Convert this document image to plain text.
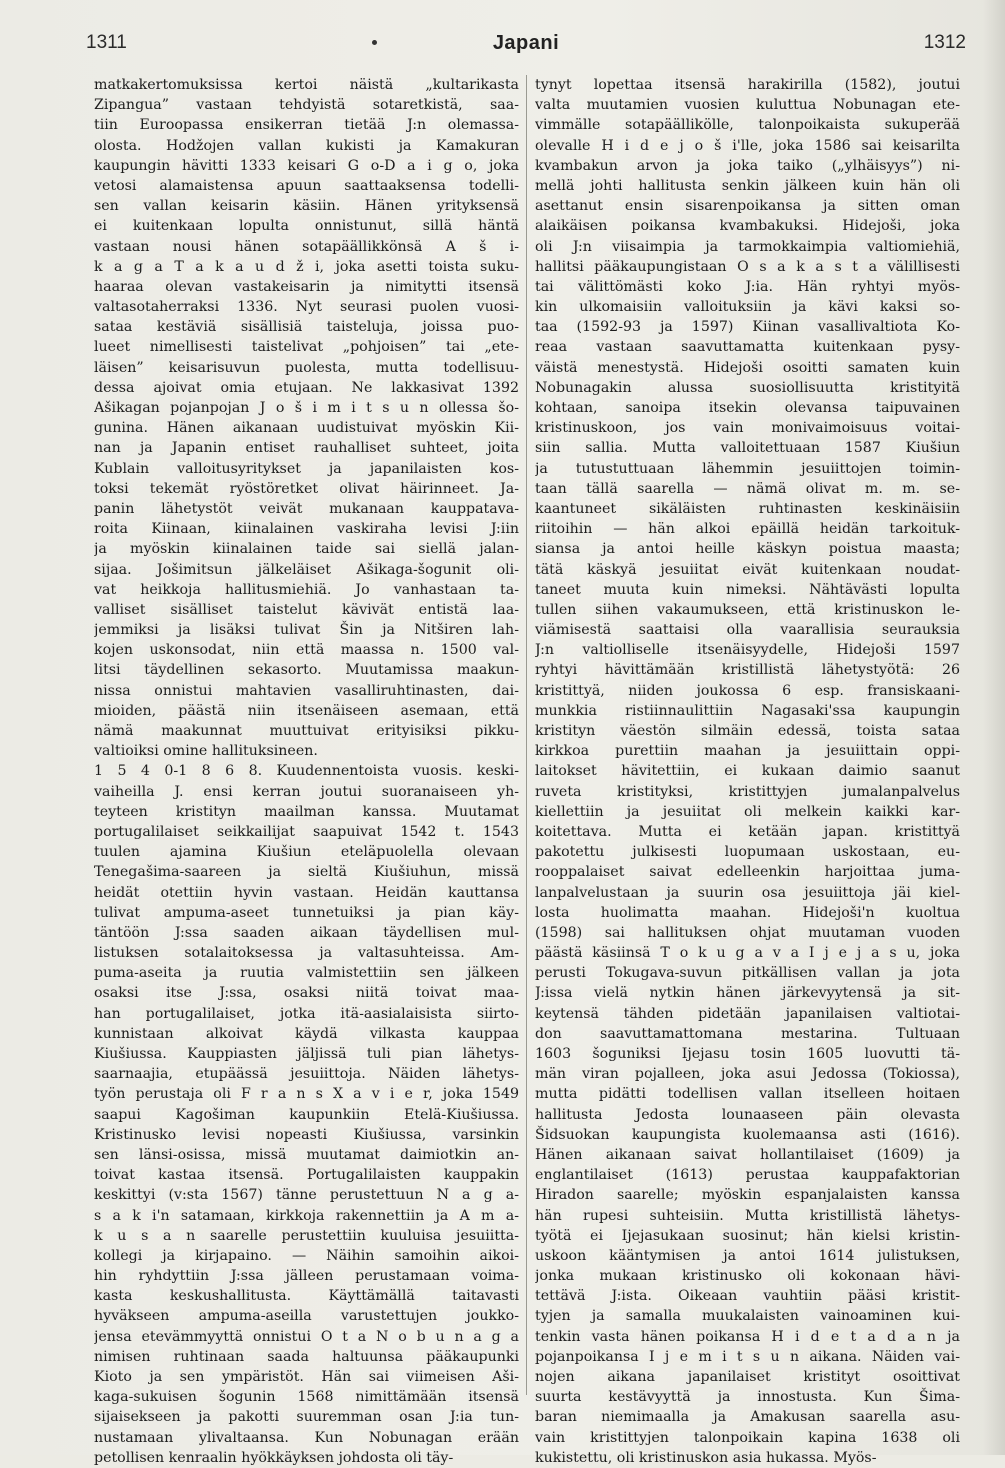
1311	Japani	1312
matkakertomuksissa kertoi näistä „kultarikasta
Zipangua” vastaan tehdyistä sotaretkistä, saa-
tiin Euroopassa ensikerran tietää J:n olemassa-
olosta. Hodžojen vallan kukisti ja Kamakuran
kaupungin hävitti 1333 keisari G o-D a i g o, joka
vetosi alamaistensa apuun saattaaksensa todelli-
sen vallan keisarin käsiin. Hänen yrityksensä
ei kuitenkaan lopulta onnistunut, sillä häntä
vastaan nousi hänen sotapäällikkönsä A š i-
k a g a T a k a u d ž i, joka asetti toista suku-
haaraa olevan vastakeisarin ja nimitytti itsensä
valtasotaherraksi 1336. Nyt seurasi puolen vuosi-
sataa kestäviä sisällisiä taisteluja, joissa puo-
lueet nimellisesti taistelivat „pohjoisen” tai „ete-
läisen” keisarisuvun puolesta, mutta todellisuu-
dessa ajoivat omia etujaan. Ne lakkasivat 1392
Ašikagan pojanpojan J o š i m i t s u n ollessa šo-
gunina. Hänen aikanaan uudistuivat myöskin Kii-
nan ja Japanin entiset rauhalliset suhteet, joita
Kublain valloitusyritykset ja japanilaisten kos-
toksi tekemät ryöstöretket olivat häirinneet. Ja-
panin lähetystöt veivät mukanaan kauppatava-
roita Kiinaan, kiinalainen vaskiraha levisi J:iin
ja myöskin kiinalainen taide sai siellä jalan-
sijaa. Jošimitsun jälkeläiset Ašikaga-šogunit oli-
vat heikkoja hallitusmiehiä. Jo vanhastaan ta-
valliset sisälliset taistelut kävivät entistä laa-
jemmiksi ja lisäksi tulivat Šin ja Nitširen lah-
kojen uskonsodat, niin että maassa n. 1500 val-
litsi täydellinen sekasorto. Muutamissa maakun-
nissa onnistui mahtavien vasalliruhtinasten, dai-
mioiden, päästä niin itsenäiseen asemaan, että
nämä maakunnat muuttuivat erityisiksi pikku-
valtioiksi omine hallituksineen.
1 5 4 0-1 8 6 8. Kuudennentoista vuosis. keski-
vaiheilla J. ensi kerran joutui suoranaiseen yh-
teyteen kristityn maailman kanssa. Muutamat
portugalilaiset seikkailijat saapuivat 1542 t. 1543
tuulen ajamina Kiušiun eteläpuolella olevaan
Tenegašima-saareen ja sieltä Kiušiuhun, missä
heidät otettiin hyvin vastaan. Heidän kauttansa
tulivat ampuma-aseet tunnetuiksi ja pian käy-
täntöön J:ssa saaden aikaan täydellisen mul-
listuksen sotalaitoksessa ja valtasuhteissa. Am-
puma-aseita ja ruutia valmistettiin sen jälkeen
osaksi itse J:ssa, osaksi niitä toivat maa-
han portugalilaiset, jotka itä-aasialaisista siirto-
kunnistaan alkoivat käydä vilkasta kauppaa
Kiušiussa. Kauppiasten jäljissä tuli pian lähetys-
saarnaajia, etupäässä jesuiittoja. Näiden lähetys-
työn perustaja oli F r a n s X a v i e r, joka 1549
saapui Kagošiman kaupunkiin Etelä-Kiušiussa.
Kristinusko levisi nopeasti Kiušiussa, varsinkin
sen länsi-osissa, missä muutamat daimiotkin an-
toivat kastaa itsensä. Portugalilaisten kauppakin
keskittyi (v:sta 1567) tänne perustettuun N a g a-
s a k i'n satamaan, kirkkoja rakennettiin ja A m a-
k u s a n saarelle perustettiin kuuluisa jesuiitta-
kollegi ja kirjapaino. — Näihin samoihin aikoi-
hin ryhdyttiin J:ssa jälleen perustamaan voima-
kasta keskushallitusta. Käyttämällä taitavasti
hyväkseen ampuma-aseilla varustettujen joukko-
jensa etevämmyyttä onnistui O t a N o b u n a g a
nimisen ruhtinaan saada haltuunsa pääkaupunki
Kioto ja sen ympäristöt. Hän sai viimeisen Aši-
kaga-sukuisen šogunin 1568 nimittämään itsensä
sijaisekseen ja pakotti suuremman osan J:ia tun-
nustamaan ylivaltaansa. Kun Nobunagan erään
petollisen kenraalin hyökkäyksen johdosta oli täy-
tynyt lopettaa itsensä harakirilla (1582), joutui
valta muutamien vuosien kuluttua Nobunagan ete-
vimmälle sotapäällikölle, talonpoikaista sukuperää
olevalle H i d e j o š i'lle, joka 1586 sai keisarilta
kvambakun arvon ja joka taiko („ylhäisyys”) ni-
mellä johti hallitusta senkin jälkeen kuin hän oli
asettanut ensin sisarenpoikansa ja sitten oman
alaikäisen poikansa kvambakuksi. Hidejoši, joka
oli J:n viisaimpia ja tarmokkaimpia valtiomiehiä,
hallitsi pääkaupungistaan O s a k a s t a välillisesti
tai välittömästi koko J:ia. Hän ryhtyi myös-
kin ulkomaisiin valloituksiin ja kävi kaksi so-
taa (1592-93 ja 1597) Kiinan vasallivaltiota Ko-
reaa vastaan saavuttamatta kuitenkaan pysy-
väistä menestystä. Hidejoši osoitti samaten kuin
Nobunagakin alussa suosiollisuutta kristityitä
kohtaan, sanoipa itsekin olevansa taipuvainen
kristinuskoon, jos vain monivaimoisuus voitai-
siin sallia. Mutta valloitettuaan 1587 Kiušiun
ja tutustuttuaan lähemmin jesuiittojen toimin-
taan tällä saarella — nämä olivat m. m. se-
kaantuneet sikäläisten ruhtinasten keskinäisiin
riitoihin — hän alkoi epäillä heidän tarkoituk-
siansa ja antoi heille käskyn poistua maasta;
tätä käskyä jesuiitat eivät kuitenkaan noudat-
taneet muuta kuin nimeksi. Nähtävästi lopulta
tullen siihen vakaumukseen, että kristinuskon le-
viämisestä saattaisi olla vaarallisia seurauksia
J:n valtiolliselle itsenäisyydelle, Hidejoši 1597
ryhtyi hävittämään kristillistä lähetystyötä: 26
kristittyä, niiden joukossa 6 esp. fransiskaani-
munkkia ristiinnaulittiin Nagasaki'ssa kaupungin
kristityn väestön silmäin edessä, toista sataa
kirkkoa purettiin maahan ja jesuiittain oppi-
laitokset hävitettiin, ei kukaan daimio saanut
ruveta kristityksi, kristittyjen jumalanpalvelus
kiellettiin ja jesuiitat oli melkein kaikki kar-
koitettava. Mutta ei ketään japan. kristittyä
pakotettu julkisesti luopumaan uskostaan, eu-
rooppalaiset saivat edelleenkin harjoittaa juma-
lanpalvelustaan ja suurin osa jesuiittoja jäi kiel-
losta huolimatta maahan. Hidejoši'n kuoltua
(1598) sai hallituksen ohjat muutaman vuoden
päästä käsiinsä T o k u g a v a I j e j a s u, joka
perusti Tokugava-suvun pitkällisen vallan ja jota
J:issa vielä nytkin hänen järkevyytensä ja sit-
keytensä tähden pidetään japanilaisen valtiotai-
don saavuttamattomana mestarina. Tultuaan
1603 šoguniksi Ijejasu tosin 1605 luovutti tä-
män viran pojalleen, joka asui Jedossa (Tokiossa),
mutta pidätti todellisen vallan itselleen hoitaen
hallitusta Jedosta lounaaseen päin olevasta
Šidsuokan kaupungista kuolemaansa asti (1616).
Hänen aikanaan saivat hollantilaiset (1609) ja
englantilaiset (1613) perustaa kauppafaktorian
Hiradon saarelle; myöskin espanjalaisten kanssa
hän rupesi suhteisiin. Mutta kristillistä lähetys-
työtä ei Ijejasukaan suosinut; hän kielsi kristin-
uskoon kääntymisen ja antoi 1614 julistuksen,
jonka mukaan kristinusko oli kokonaan hävi-
tettävä J:ista. Oikeaan vauhtiin pääsi kristit-
tyjen ja samalla muukalaisten vainoaminen kui-
tenkin vasta hänen poikansa H i d e t a d a n ja
pojanpoikansa I j e m i t s u n aikana. Näiden vai-
nojen aikana japanilaiset kristityt osoittivat
suurta kestävyyttä ja innostusta. Kun Šima-
baran niemimaalla ja Amakusan saarella asu-
vain kristittyjen talonpoikain kapina 1638 oli
kukistettu, oli kristinuskon asia hukassa. Myös-
